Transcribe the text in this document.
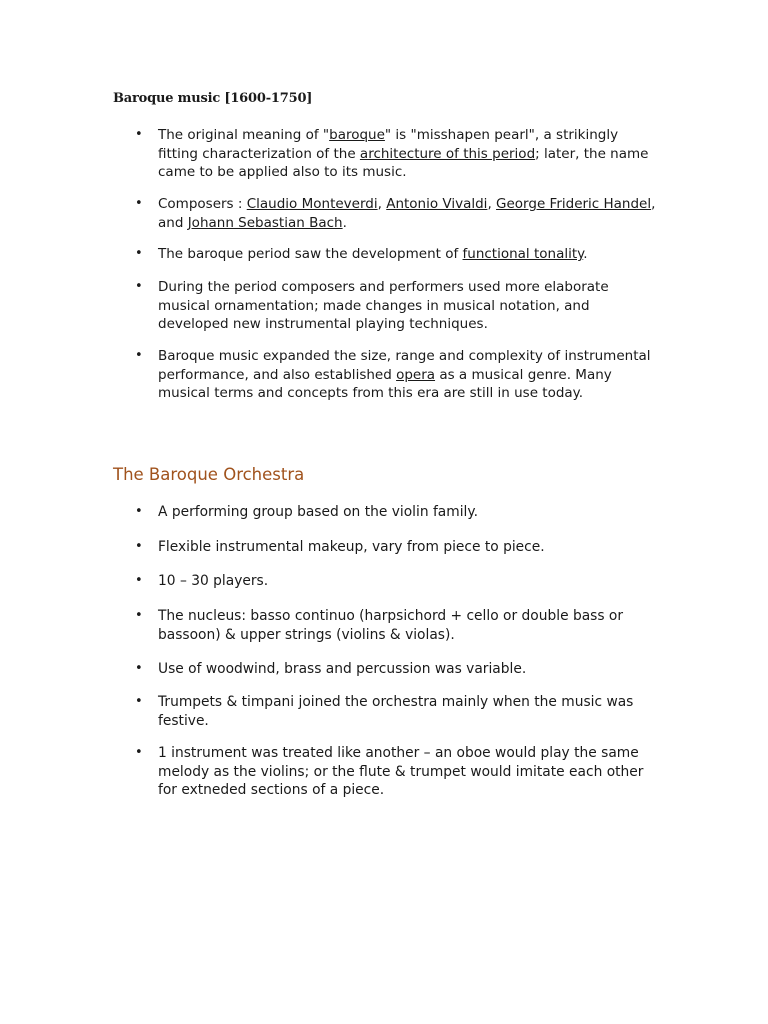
Baroque music [1600-1750]
• The original meaning of "baroque" is "misshapen pearl", a strikingly fitting characterization of the architecture of this period; later, the name came to be applied also to its music.
• Composers : Claudio Monteverdi, Antonio Vivaldi, George Frideric Handel, and Johann Sebastian Bach.
• The baroque period saw the development of functional tonality.
• During the period composers and performers used more elaborate musical ornamentation; made changes in musical notation, and developed new instrumental playing techniques.
• Baroque music expanded the size, range and complexity of instrumental performance, and also established opera as a musical genre. Many musical terms and concepts from this era are still in use today.
The Baroque Orchestra
• A performing group based on the violin family.
• Flexible instrumental makeup, vary from piece to piece.
• 10 – 30 players.
• The nucleus: basso continuo (harpsichord + cello or double bass or bassoon) & upper strings (violins & violas).
• Use of woodwind, brass and percussion was variable.
• Trumpets & timpani joined the orchestra mainly when the music was festive.
• 1 instrument was treated like another – an oboe would play the same melody as the violins; or the flute & trumpet would imitate each other for extneded sections of a piece.
